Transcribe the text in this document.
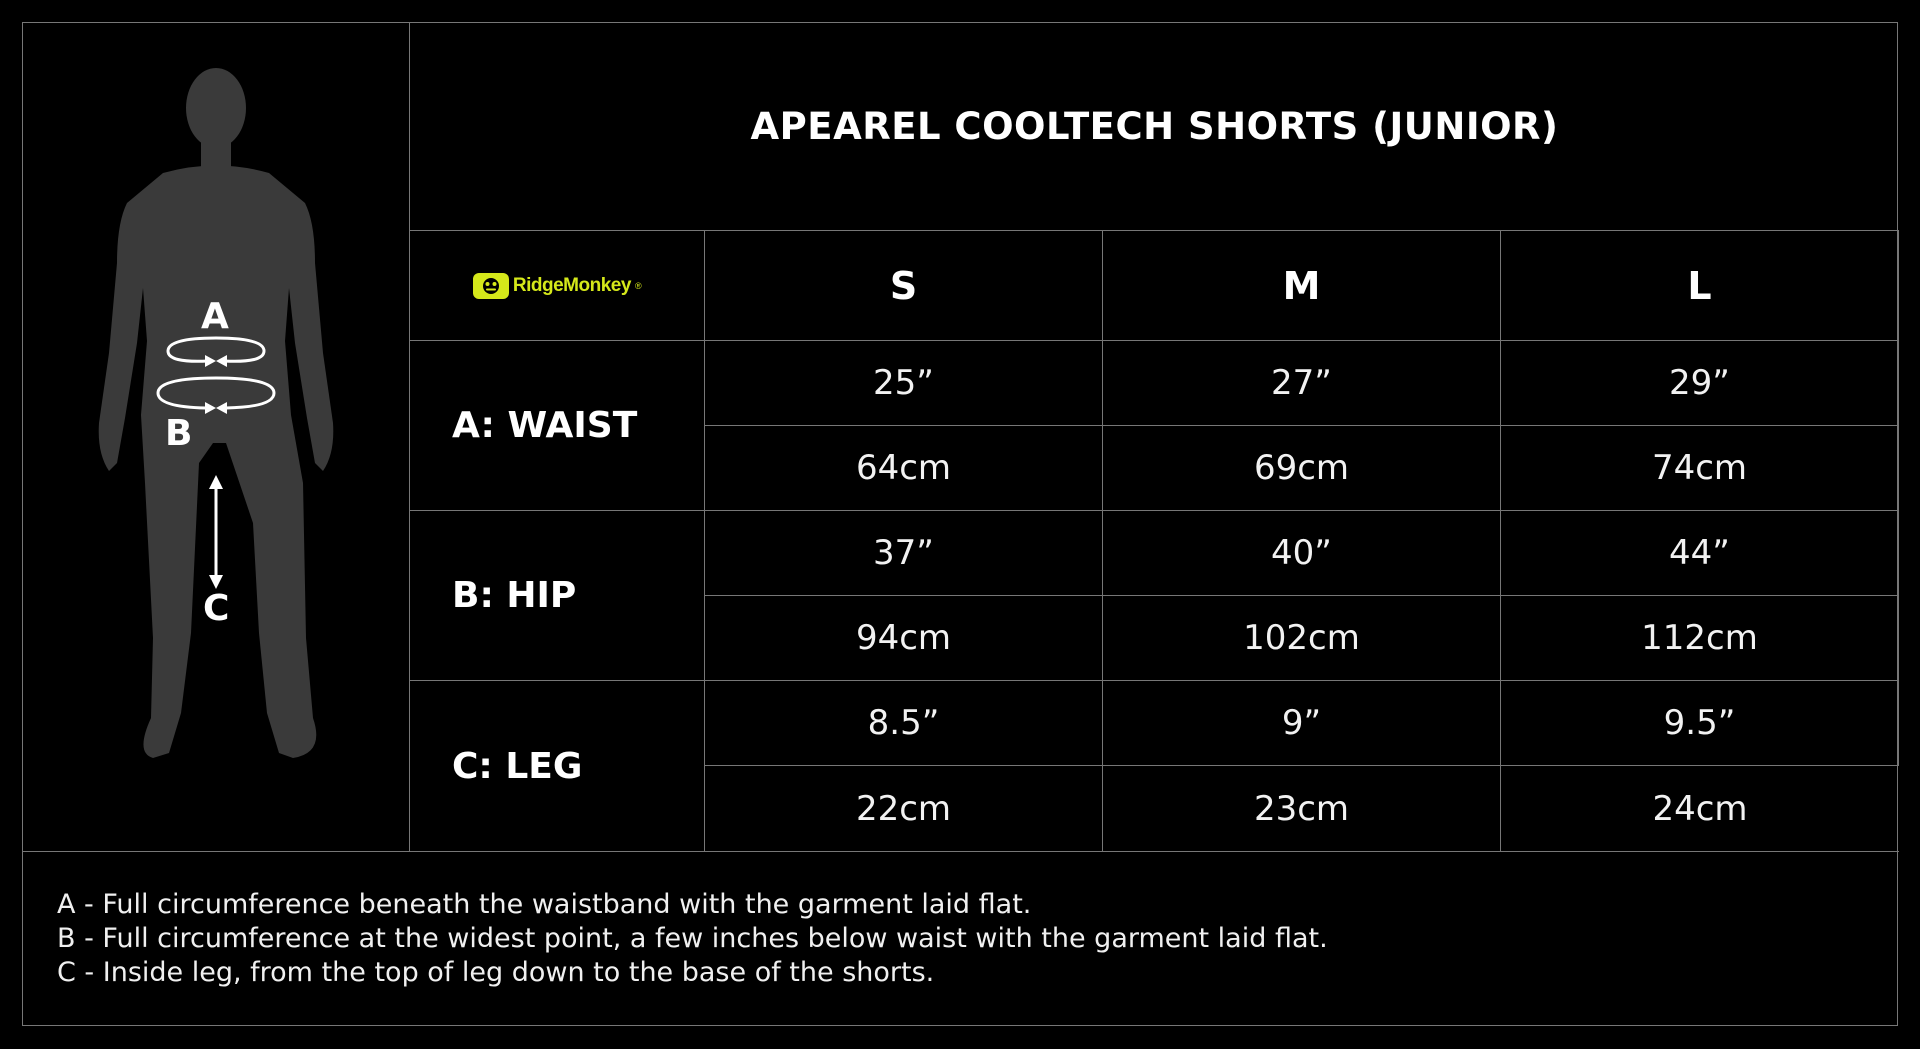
A
B
C
APEAREL COOLTECH SHORTS (JUNIOR)
RidgeMonkey ®	S	M	L
A: WAIST
25”	27”	29”
64cm	69cm	74cm
B: HIP
37”	40”	44”
94cm	102cm	112cm
C: LEG
8.5”	9”	9.5”
22cm	23cm	24cm
A - Full circumference beneath the waistband with the garment laid flat.
B - Full circumference at the widest point, a few inches below waist with the garment laid flat.
C - Inside leg, from the top of leg down to the base of the shorts.
